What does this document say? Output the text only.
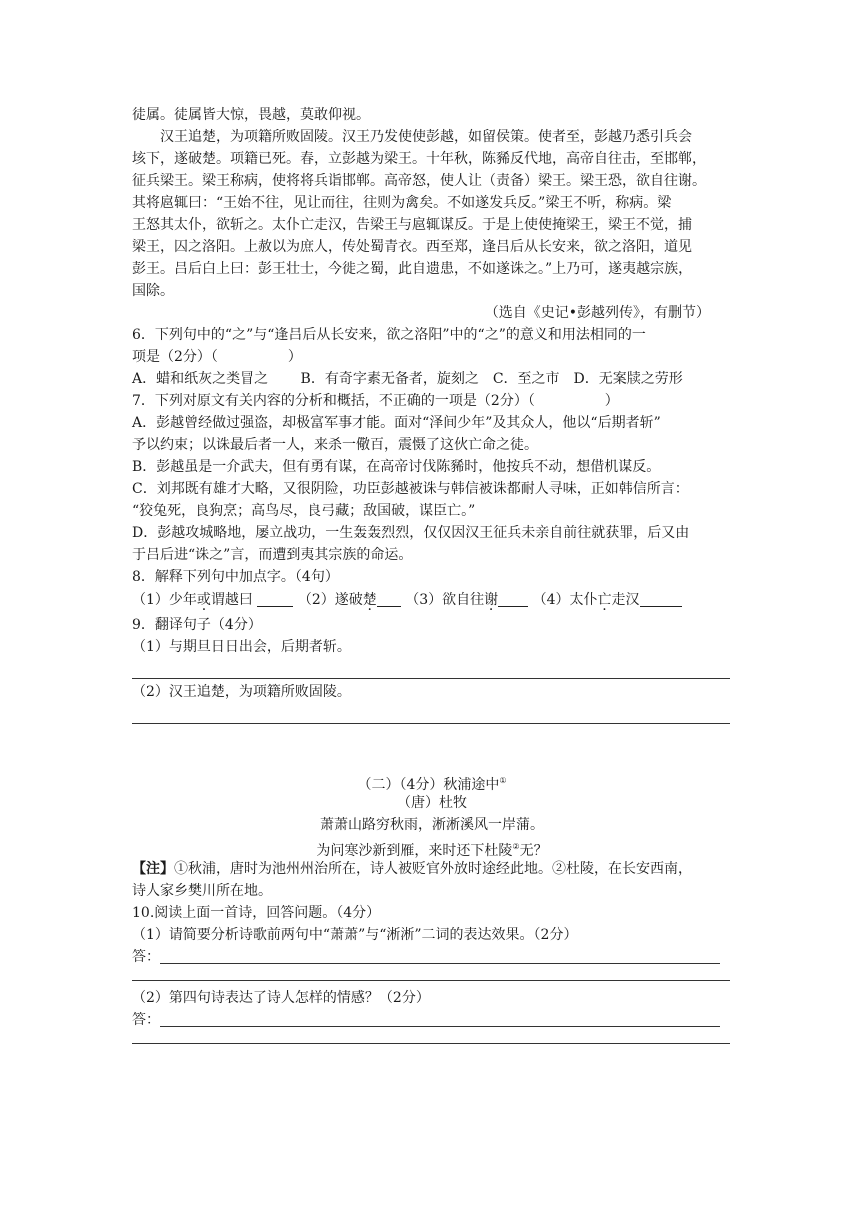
徒属。徒属皆大惊，畏越，莫敢仰视。
汉王追楚，为项籍所败固陵。汉王乃发使使彭越，如留侯策。使者至，彭越乃悉引兵会
垓下，遂破楚。项籍已死。春，立彭越为梁王。十年秋，陈豨反代地，高帝自往击，至邯郸，
征兵梁王。梁王称病，使将将兵诣邯郸。高帝怒，使人让（责备）梁王。梁王恐，欲自往谢。
其将扈辄曰：“王始不往，见让而往，往则为禽矣。不如遂发兵反。”梁王不听，称病。梁
王怒其太仆，欲斩之。太仆亡走汉，告梁王与扈辄谋反。于是上使使掩梁王，梁王不觉，捕
梁王，囚之洛阳。上赦以为庶人，传处蜀青衣。西至郑，逢吕后从长安来，欲之洛阳，道见
彭王。吕后白上曰：彭王壮士，今徙之蜀，此自遗患，不如遂诛之。”上乃可，遂夷越宗族，
国除。
（选自《史记•彭越列传》，有删节）
6．下列句中的“之”与“逢吕后从长安来，欲之洛阳”中的“之”的意义和用法相同的一
项是（2分）（　　　　　）
A．蜡和纸灰之类冒之　　 B．有奇字素无备者，旋刻之　C．至之市　D．无案牍之劳形
7．下列对原文有关内容的分析和概括，不正确的一项是（2分）（　　　　　）
A．彭越曾经做过强盗，却极富军事才能。面对“泽间少年”及其众人，他以“后期者斩”
予以约束；以诛最后者一人，来杀一儆百，震慑了这伙亡命之徒。
B．彭越虽是一介武夫，但有勇有谋，在高帝讨伐陈豨时，他按兵不动，想借机谋反。
C．刘邦既有雄才大略，又很阴险，功臣彭越被诛与韩信被诛都耐人寻味，正如韩信所言：
“狡兔死，良狗烹；高鸟尽，良弓藏；敌国破，谋臣亡。”
D．彭越攻城略地，屡立战功，一生轰轰烈烈，仅仅因汉王征兵未亲自前往就获罪，后又由
于吕后进“诛之”言，而遭到夷其宗族的命运。
8．解释下列句中加点字。（4句）
（1）少年或谓越曰	（2）遂破楚 （3）欲自往谢 （4）太仆亡走汉
9．翻译句子（4分）
（1）与期旦日日出会，后期者斩。
（2）汉王追楚，为项籍所败固陵。
（二）（4分）秋浦途中①
（唐）杜牧
萧萧山路穷秋雨，淅淅溪风一岸蒲。
为问寒沙新到雁，来时还下杜陵②无？
【注】①秋浦，唐时为池州州治所在，诗人被贬官外放时途经此地。②杜陵，在长安西南，
诗人家乡樊川所在地。
10.阅读上面一首诗，回答问题。（4分）
（1）请简要分析诗歌前两句中“萧萧”与“淅淅”二词的表达效果。（2分）
答：
（2）第四句诗表达了诗人怎样的情感？（2分）
答：
